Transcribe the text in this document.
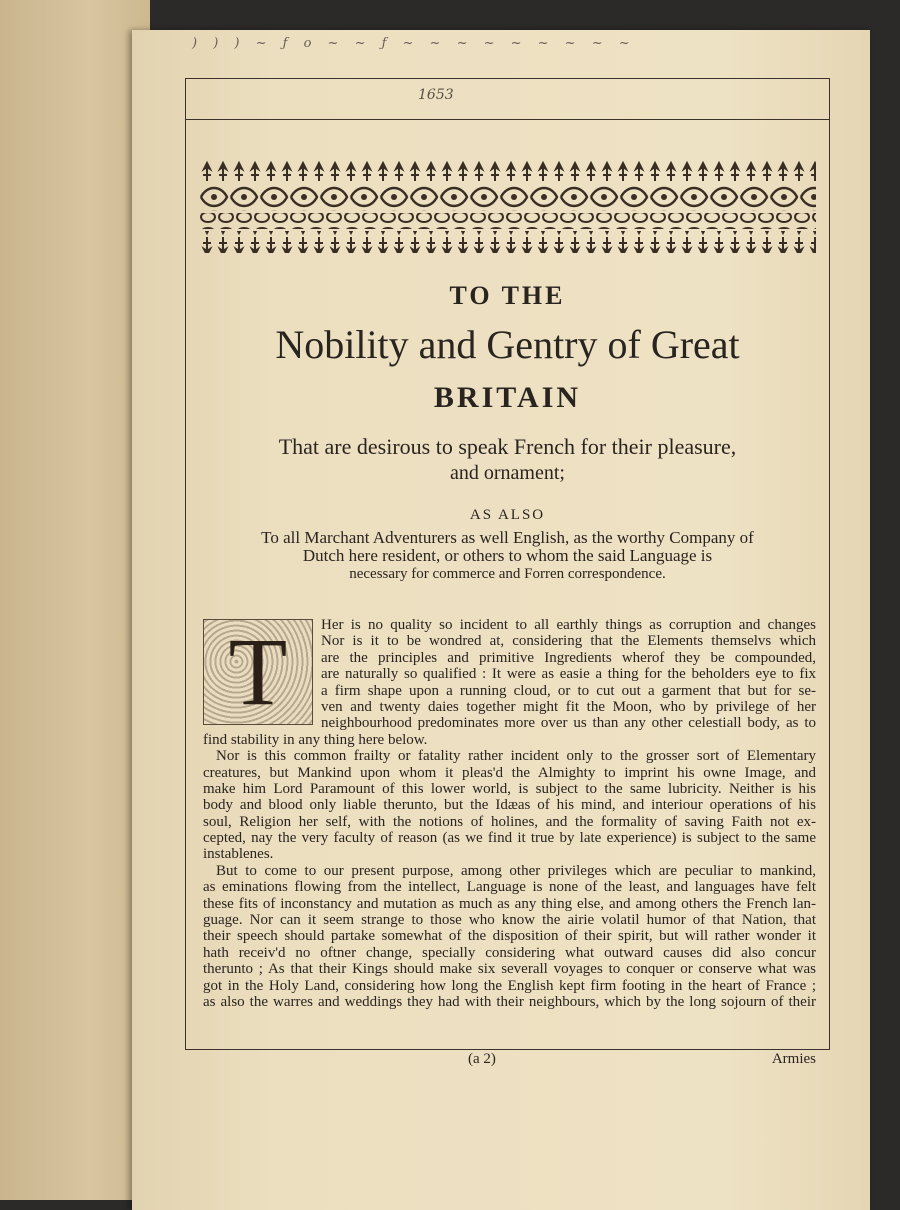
) ) ) ~ ƒ o ~ ~ ƒ ~ ~ ~ ~ ~ ~ ~ ~ ~
1653
TO THE
Nobility and Gentry of Great
BRITAIN
That are desirous to speak French for their pleasure,
and ornament;
AS ALSO
To all Marchant Adventurers as well English, as the worthy Company of
Dutch here resident, or others to whom the said Language is
necessary for commerce and Forren correspondence.
T	Her is no quality so incident to all earthly things as corruption and changes
Nor is it to be wondred at, considering that the Elements themselvs which
are the principles and primitive Ingredients wherof they be compounded,
are naturally so qualified : It were as easie a thing for the beholders eye to fix
a firm shape upon a running cloud, or to cut out a garment that but for se-
ven and twenty daies together might fit the Moon, who by privilege of her
neighbourhood predominates more over us than any other celestiall body, as to
find stability in any thing here below.
Nor is this common frailty or fatality rather incident only to the grosser sort of Elementary
creatures, but Mankind upon whom it pleas'd the Almighty to imprint his owne Image, and
make him Lord Paramount of this lower world, is subject to the same lubricity. Neither is his
body and blood only liable therunto, but the Idæas of his mind, and interiour operations of his
soul, Religion her self, with the notions of holines, and the formality of saving Faith not ex-
cepted, nay the very faculty of reason (as we find it true by late experience) is subject to the same
instablenes.
But to come to our present purpose, among other privileges which are peculiar to mankind,
as eminations flowing from the intellect, Language is none of the least, and languages have felt
these fits of inconstancy and mutation as much as any thing else, and among others the French lan-
guage. Nor can it seem strange to those who know the airie volatil humor of that Nation, that
their speech should partake somewhat of the disposition of their spirit, but will rather wonder it
hath receiv'd no oftner change, specially considering what outward causes did also concur
therunto ; As that their Kings should make six severall voyages to conquer or conserve what was
got in the Holy Land, considering how long the English kept firm footing in the heart of France ;
as also the warres and weddings they had with their neighbours, which by the long sojourn of their
(a 2)	Armies
